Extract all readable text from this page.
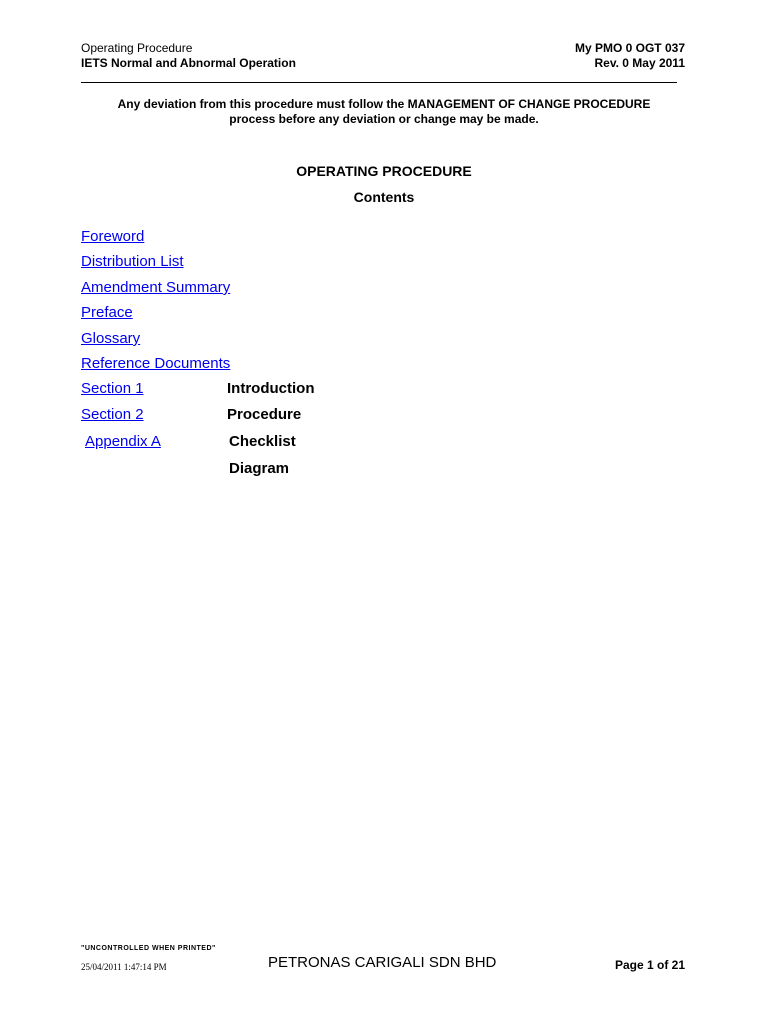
Operating Procedure
IETS Normal and Abnormal Operation
My PMO 0 OGT 037
Rev. 0 May 2011
Any deviation from this procedure must follow the MANAGEMENT OF CHANGE PROCEDURE
process before any deviation or change may be made.
OPERATING PROCEDURE
Contents
Foreword
Distribution List
Amendment Summary
Preface
Glossary
Reference Documents
Section 1	Introduction
Section 2	Procedure
Appendix A	Checklist
Diagram
"UNCONTROLLED WHEN PRINTED"
25/04/2011 1:47:14 PM	PETRONAS CARIGALI SDN BHD	Page 1 of 21
